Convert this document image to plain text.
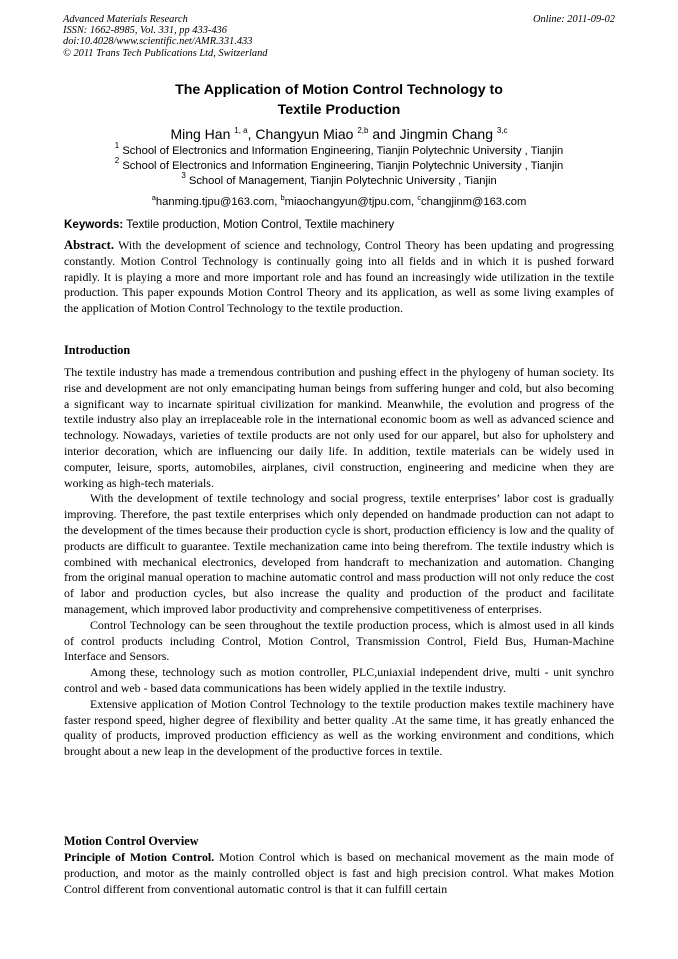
Advanced Materials Research
ISSN: 1662-8985, Vol. 331, pp 433-436
doi:10.4028/www.scientific.net/AMR.331.433
© 2011 Trans Tech Publications Ltd, Switzerland
Online: 2011-09-02
The Application of Motion Control Technology to
Textile Production
Ming Han $^{1, a}$, Changyun Miao $^{2,b}$ and Jingmin Chang $^{3,c}$
$^1$ School of Electronics and Information Engineering, Tianjin Polytechnic University , Tianjin
$^2$ School of Electronics and Information Engineering, Tianjin Polytechnic University , Tianjin
$^3$ School of Management, Tianjin Polytechnic University , Tianjin
$^a$hanming.tjpu@163.com, $^b$miaochangyun@tjpu.com, $^c$changjinm@163.com
Keywords: Textile production, Motion Control, Textile machinery

Abstract. With the development of science and technology, Control Theory has been updating and progressing constantly. Motion Control Technology is continually going into all fields and in which it is pushed forward rapidly. It is playing a more and more important role and has found an increasingly wide utilization in the textile production. This paper expounds Motion Control Theory and its application, as well as some living examples of the application of Motion Control Technology to the textile production.

Introduction

The textile industry has made a tremendous contribution and pushing effect in the phylogeny of human society. Its rise and development are not only emancipating human beings from suffering hunger and cold, but also becoming a significant way to incarnate spiritual civilization for mankind. Meanwhile, the evolution and progress of the textile industry also play an irreplaceable role in the international economic boom as well as advanced science and technology. Nowadays, varieties of textile products are not only used for our apparel, but also for upholstery and interior decoration, which are influencing our daily life. In addition, textile materials can be widely used in computer, leisure, sports, automobiles, airplanes, civil construction, engineering and medicine when they are working as high-tech materials.

With the development of textile technology and social progress, textile enterprises’ labor cost is gradually improving. Therefore, the past textile enterprises which only depended on handmade production can not adapt to the development of the times because their production cycle is short, production efficiency is low and the quality of products are difficult to guarantee. Textile mechanization came into being therefrom. The textile industry which is combined with mechanical electronics, developed from handcraft to mechanization and automation. Changing from the original manual operation to machine automatic control and mass production will not only reduce the cost of labor and production cycles, but also increase the quality and production of the product and facilitate management, which improved labor productivity and comprehensive competitiveness of enterprises.

Control Technology can be seen throughout the textile production process, which is almost used in all kinds of control products including Control, Motion Control, Transmission Control, Field Bus, Human-Machine Interface and Sensors.

Among these, technology such as motion controller, PLC,uniaxial independent drive, multi - unit synchro control and web - based data communications has been widely applied in the textile industry.

Extensive application of Motion Control Technology to the textile production makes textile machinery have faster respond speed, higher degree of flexibility and better quality .At the same time, it has greatly enhanced the quality of products, improved production efficiency as well as the working environment and conditions, which brought about a new leap in the development of the productive forces in textile.

Motion Control Overview

Principle of Motion Control. Motion Control which is based on mechanical movement as the main mode of production, and motor as the mainly controlled object is fast and high precision control. What makes Motion Control different from conventional automatic control is that it can fulfill certain
